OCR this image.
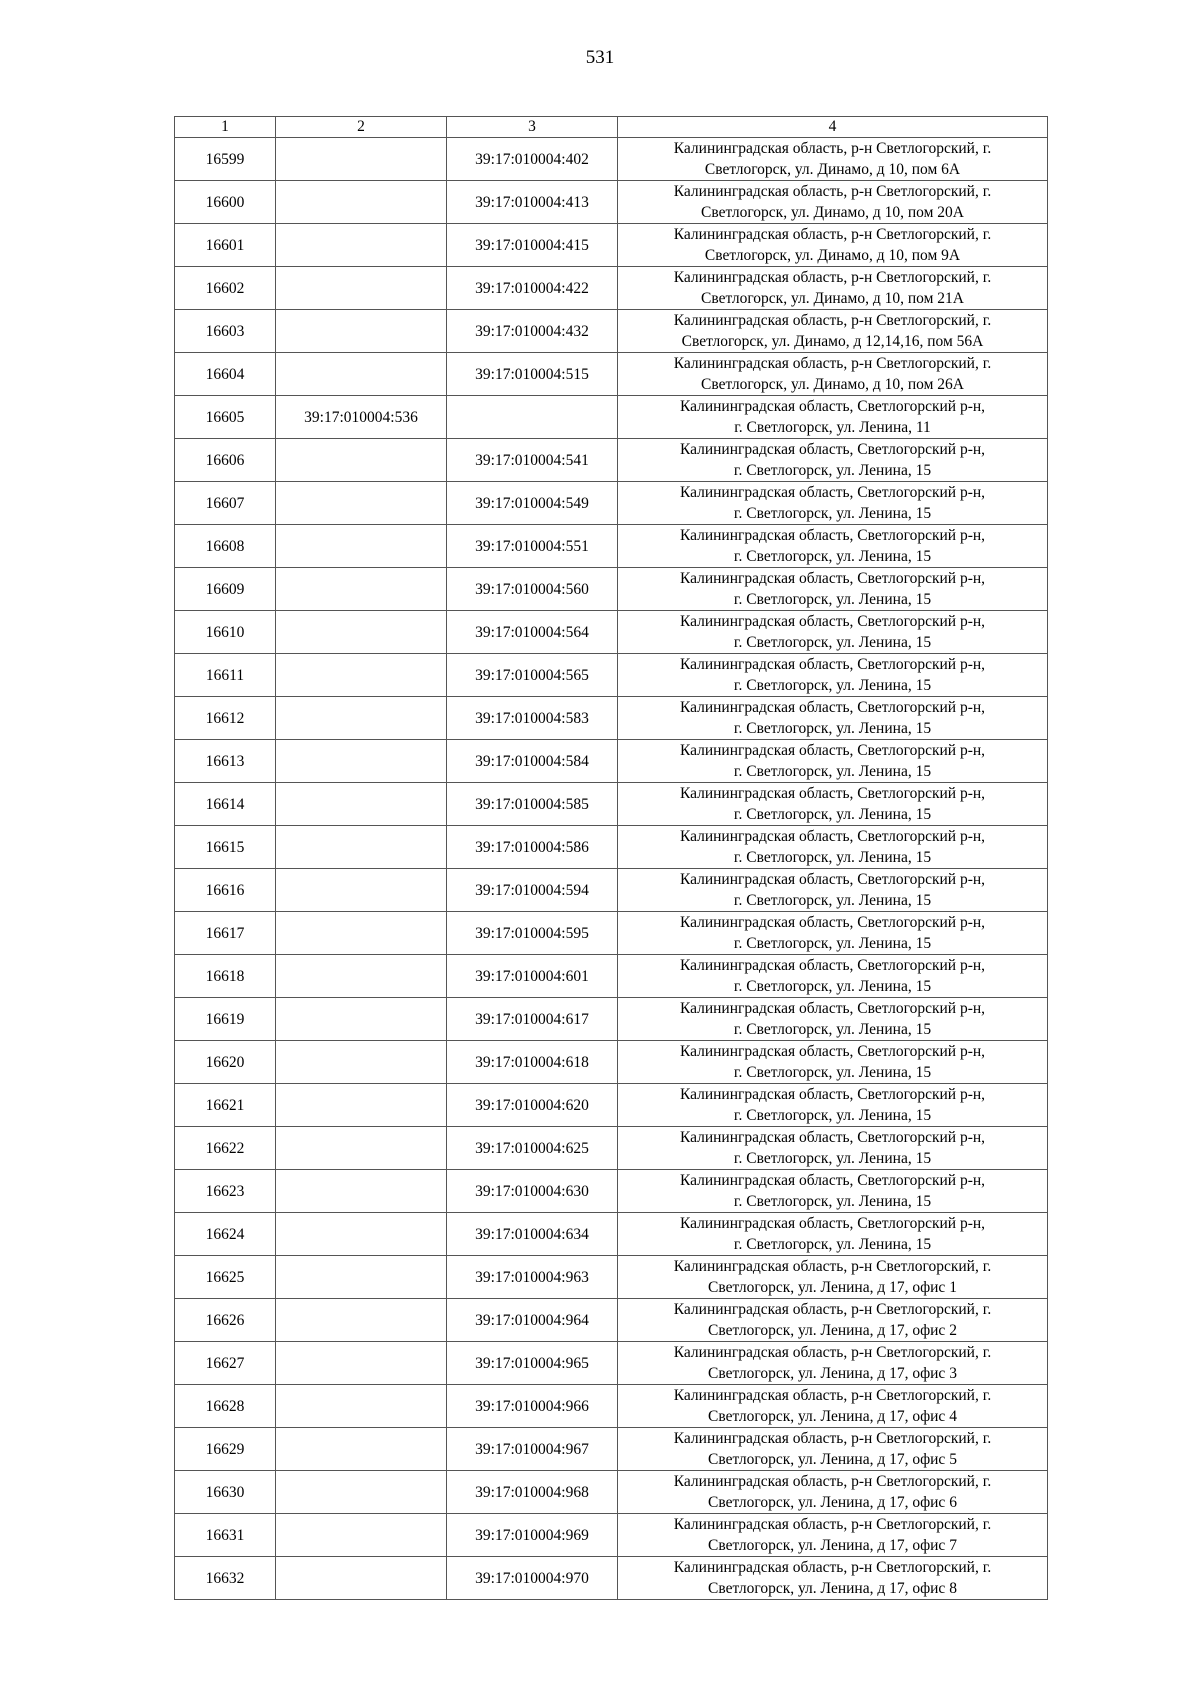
531
1	2	3	4
16599		39:17:010004:402	Калининградская область, р-н Светлогорский, г.
Светлогорск, ул. Динамо, д 10, пом 6А

16600		39:17:010004:413	Калининградская область, р-н Светлогорский, г.
Светлогорск, ул. Динамо, д 10, пом 20А

16601		39:17:010004:415	Калининградская область, р-н Светлогорский, г.
Светлогорск, ул. Динамо, д 10, пом 9А

16602		39:17:010004:422	Калининградская область, р-н Светлогорский, г.
Светлогорск, ул. Динамо, д 10, пом 21А

16603		39:17:010004:432	Калининградская область, р-н Светлогорский, г.
Светлогорск, ул. Динамо, д 12,14,16, пом 56А

16604		39:17:010004:515	Калининградская область, р-н Светлогорский, г.
Светлогорск, ул. Динамо, д 10, пом 26А

16605	39:17:010004:536		Калининградская область, Светлогорский р-н,
г. Светлогорск, ул. Ленина, 11

16606		39:17:010004:541	Калининградская область, Светлогорский р-н,
г. Светлогорск, ул. Ленина, 15

16607		39:17:010004:549	Калининградская область, Светлогорский р-н,
г. Светлогорск, ул. Ленина, 15

16608		39:17:010004:551	Калининградская область, Светлогорский р-н,
г. Светлогорск, ул. Ленина, 15

16609		39:17:010004:560	Калининградская область, Светлогорский р-н,
г. Светлогорск, ул. Ленина, 15

16610		39:17:010004:564	Калининградская область, Светлогорский р-н,
г. Светлогорск, ул. Ленина, 15

16611		39:17:010004:565	Калининградская область, Светлогорский р-н,
г. Светлогорск, ул. Ленина, 15

16612		39:17:010004:583	Калининградская область, Светлогорский р-н,
г. Светлогорск, ул. Ленина, 15

16613		39:17:010004:584	Калининградская область, Светлогорский р-н,
г. Светлогорск, ул. Ленина, 15

16614		39:17:010004:585	Калининградская область, Светлогорский р-н,
г. Светлогорск, ул. Ленина, 15

16615		39:17:010004:586	Калининградская область, Светлогорский р-н,
г. Светлогорск, ул. Ленина, 15

16616		39:17:010004:594	Калининградская область, Светлогорский р-н,
г. Светлогорск, ул. Ленина, 15

16617		39:17:010004:595	Калининградская область, Светлогорский р-н,
г. Светлогорск, ул. Ленина, 15

16618		39:17:010004:601	Калининградская область, Светлогорский р-н,
г. Светлогорск, ул. Ленина, 15

16619		39:17:010004:617	Калининградская область, Светлогорский р-н,
г. Светлогорск, ул. Ленина, 15

16620		39:17:010004:618	Калининградская область, Светлогорский р-н,
г. Светлогорск, ул. Ленина, 15

16621		39:17:010004:620	Калининградская область, Светлогорский р-н,
г. Светлогорск, ул. Ленина, 15

16622		39:17:010004:625	Калининградская область, Светлогорский р-н,
г. Светлогорск, ул. Ленина, 15

16623		39:17:010004:630	Калининградская область, Светлогорский р-н,
г. Светлогорск, ул. Ленина, 15

16624		39:17:010004:634	Калининградская область, Светлогорский р-н,
г. Светлогорск, ул. Ленина, 15

16625		39:17:010004:963	Калининградская область, р-н Светлогорский, г.
Светлогорск, ул. Ленина, д 17, офис 1

16626		39:17:010004:964	Калининградская область, р-н Светлогорский, г.
Светлогорск, ул. Ленина, д 17, офис 2

16627		39:17:010004:965	Калининградская область, р-н Светлогорский, г.
Светлогорск, ул. Ленина, д 17, офис 3

16628		39:17:010004:966	Калининградская область, р-н Светлогорский, г.
Светлогорск, ул. Ленина, д 17, офис 4

16629		39:17:010004:967	Калининградская область, р-н Светлогорский, г.
Светлогорск, ул. Ленина, д 17, офис 5

16630		39:17:010004:968	Калининградская область, р-н Светлогорский, г.
Светлогорск, ул. Ленина, д 17, офис 6

16631		39:17:010004:969	Калининградская область, р-н Светлогорский, г.
Светлогорск, ул. Ленина, д 17, офис 7

16632		39:17:010004:970	Калининградская область, р-н Светлогорский, г.
Светлогорск, ул. Ленина, д 17, офис 8
